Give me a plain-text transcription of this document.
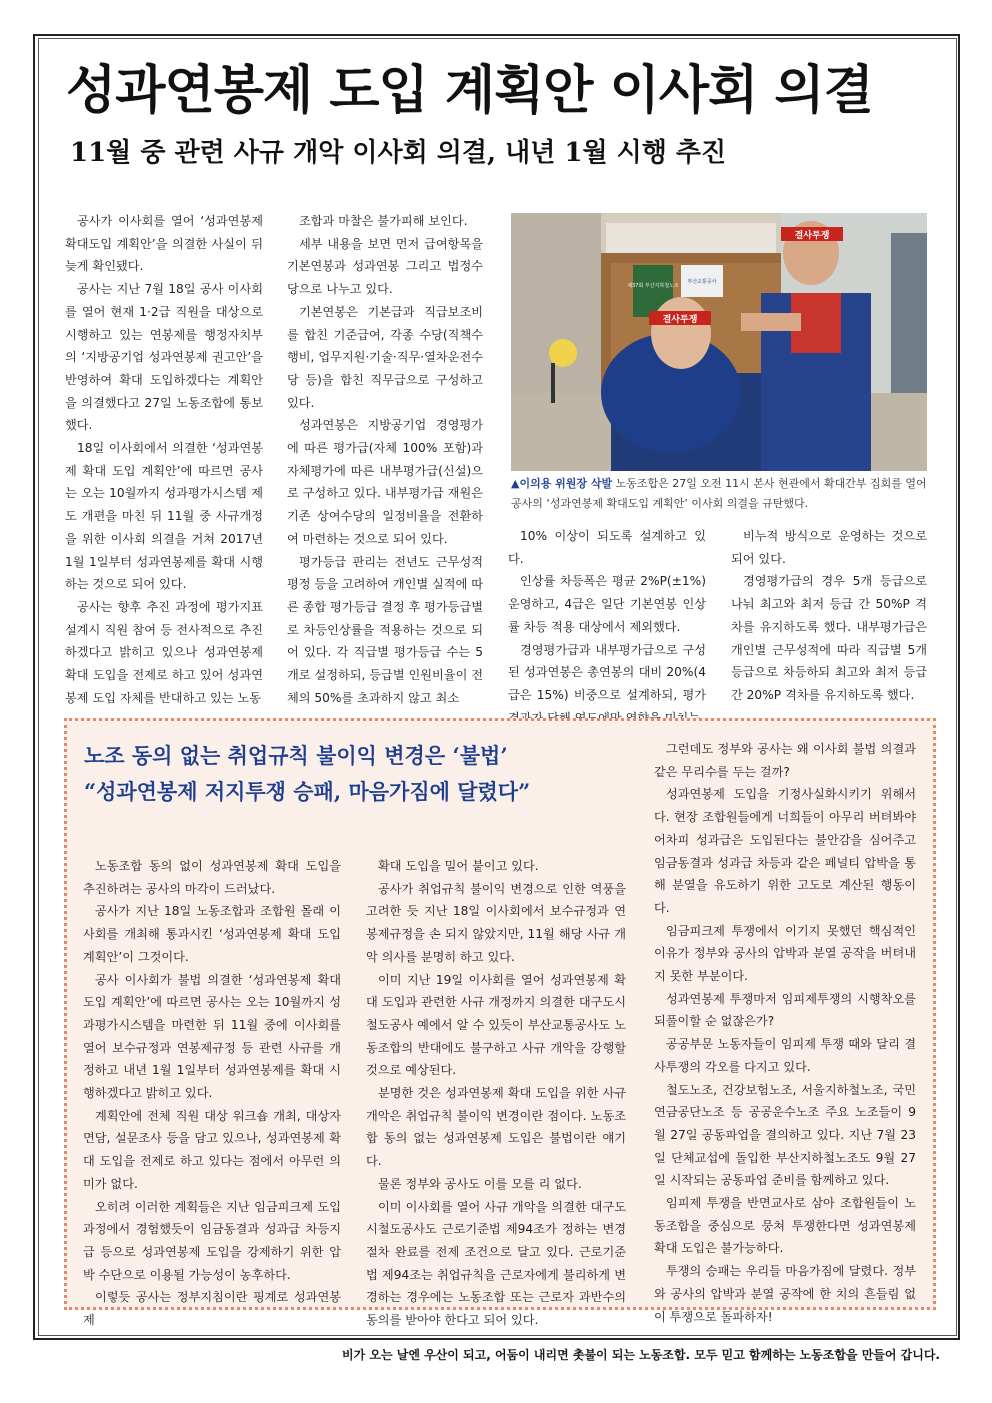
성과연봉제 도입 계획안 이사회 의결
11월 중 관련 사규 개악 이사회 의결, 내년 1월 시행 추진

공사가 이사회를 열어 ‘성과연봉제 확대도입 계획안’을 의결한 사실이 뒤늦게 확인됐다.

공사는 지난 7월 18일 공사 이사회를 열어 현재 1·2급 직원을 대상으로 시행하고 있는 연봉제를 행정자치부의 ‘지방공기업 성과연봉제 권고안’을 반영하여 확대 도입하겠다는 계획안을 의결했다고 27일 노동조합에 통보했다.

18일 이사회에서 의결한 ‘성과연봉제 확대 도입 계획안’에 따르면 공사는 오는 10월까지 성과평가시스템 제도 개편을 마친 뒤 11월 중 사규개정을 위한 이사회 의결을 거쳐 2017년 1월 1일부터 성과연봉제를 확대 시행하는 것으로 되어 있다.

공사는 향후 추진 과정에 평가지표 설계시 직원 참여 등 전사적으로 추진하겠다고 밝히고 있으나 성과연봉제 확대 도입을 전제로 하고 있어 성과연봉제 도입 자체를 반대하고 있는 노동

조합과 마찰은 불가피해 보인다.

세부 내용을 보면 먼저 급여항목을 기본연봉과 성과연봉 그리고 법정수당으로 나누고 있다.

기본연봉은 기본급과 직급보조비를 합친 기준급여, 각종 수당(직책수행비, 업무지원·기술·직무·열차운전수당 등)을 합친 직무급으로 구성하고 있다.

성과연봉은 지방공기업 경영평가에 따른 평가급(자체 100% 포함)과 자체평가에 따른 내부평가급(신설)으로 구성하고 있다. 내부평가급 재원은 기존 상여수당의 일정비율을 전환하여 마련하는 것으로 되어 있다.

평가등급 판리는 전년도 근무성적평정 등을 고려하여 개인별 실적에 따른 종합 평가등급 결정 후 평가등급별로 차등인상률을 적용하는 것으로 되어 있다. 각 직급별 평가등급 수는 5개로 설정하되, 등급별 인원비율이 전체의 50%를 초과하지 않고 최소

10% 이상이 되도록 설계하고 있다.

인상률 차등폭은 평균 2%P(±1%) 운영하고, 4급은 일단 기본연봉 인상률 차등 적용 대상에서 제외했다.

경영평가급과 내부평가급으로 구성된 성과연봉은 총연봉의 대비 20%(4급은 15%) 비중으로 설계하되, 평가

비누적 방식으로 운영하는 것으로 되어 있다.

경영평가급의 경우 5개 등급으로 나눠 최고와 최저 등급 간 50%P 격차를 유지하도록 했다. 내부평가급은 개인별 근무성적에 따라 직급별 5개 등급으로 차등하되 최고와 최저 등급 간 20%P 격차를 유지하도록 했다.

제37회 부산지하철노조
부산교통공사
결사투쟁
결사투쟁
▲이의용 위원장 삭발 노동조합은 27일 오전 11시 본사 현관에서 확대간부 집회를 열어 공사의 ‘성과연봉제 확대도입 계획안’ 이사회 의결을 규탄했다.
노조 동의 없는 취업규칙 불이익 변경은 ‘불법’
“성과연봉제 저지투쟁 승패, 마음가짐에 달렸다”

노동조합 동의 없이 성과연봉제 확대 도입을 추진하려는 공사의 마각이 드러났다.

공사가 지난 18일 노동조합과 조합원 몰래 이사회를 개최해 통과시킨 ‘성과연봉제 확대 도입 계획안’이 그것이다.

공사 이사회가 불법 의결한 ‘성과연봉제 확대 도입 계획안’에 따르면 공사는 오는 10월까지 성과평가시스템을 마련한 뒤 11월 중에 이사회를 열어 보수규정과 연봉제규정 등 관련 사규를 개정하고 내년 1월 1일부터 성과연봉제를 확대 시행하겠다고 밝히고 있다.

계획안에 전체 직원 대상 워크숍 개최, 대상자 면담, 설문조사 등을 담고 있으나, 성과연봉제 확대 도입을 전제로 하고 있다는 점에서 아무런 의미가 없다.

오히려 이러한 계획들은 지난 임금피크제 도입 과정에서 경험했듯이 임금동결과 성과급 차등지급 등으로 성과연봉제 도입을 강제하기 위한 압박 수단으로 이용될 가능성이 농후하다.

이렇듯 공사는 정부지침이란 핑계로 성과연봉제

확대 도입을 밀어 붙이고 있다.

공사가 취업규칙 불이익 변경으로 인한 역풍을 고려한 듯 지난 18일 이사회에서 보수규정과 연봉제규정을 손 되지 않았지만, 11월 해당 사규 개악 의사를 분명히 하고 있다.

이미 지난 19일 이사회를 열어 성과연봉제 확대 도입과 관련한 사규 개정까지 의결한 대구도시철도공사 예에서 알 수 있듯이 부산교통공사도 노동조합의 반대에도 불구하고 사규 개악을 강행할 것으로 예상된다.

분명한 것은 성과연봉제 확대 도입을 위한 사규 개악은 취업규칙 불이익 변경이란 점이다. 노동조합 동의 없는 성과연봉제 도입은 불법이란 얘기다.

물론 정부와 공사도 이를 모를 리 없다.

이미 이사회를 열어 사규 개악을 의결한 대구도시철도공사도 근로기준법 제94조가 정하는 변경 절차 완료를 전제 조건으로 달고 있다. 근로기준법 제94조는 취업규칙을 근로자에게 불리하게 변경하는 경우에는 노동조합 또는 근로자 과반수의 동의를 받아야 한다고 되어 있다.

그런데도 정부와 공사는 왜 이사회 불법 의결과 같은 무리수를 두는 걸까?

성과연봉제 도입을 기정사실화시키기 위해서다. 현장 조합원들에게 너희들이 아무리 버텨봐야 어차피 성과급은 도입된다는 불안감을 심어주고 임금동결과 성과급 차등과 같은 페널티 압박을 통해 분열을 유도하기 위한 고도로 계산된 행동이다.

임금피크제 투쟁에서 이기지 못했던 핵심적인 이유가 정부와 공사의 압박과 분열 공작을 버텨내지 못한 부분이다.

성과연봉제 투쟁마저 임피제투쟁의 시행착오를 되풀이할 순 없잖은가?

공공부문 노동자들이 임피제 투쟁 때와 달리 결사투쟁의 각오를 다지고 있다.

철도노조, 건강보험노조, 서울지하철노조, 국민연금공단노조 등 공공운수노조 주요 노조들이 9월 27일 공동파업을 결의하고 있다. 지난 7월 23일 단체교섭에 돌입한 부산지하철노조도 9월 27일 시작되는 공동파업 준비를 함께하고 있다.

임피제 투쟁을 반면교사로 삼아 조합원들이 노동조합을 중심으로 뭉쳐 투쟁한다면 성과연봉제 확대 도입은 불가능하다.

투쟁의 승패는 우리들 마음가짐에 달렸다. 정부와 공사의 압박과 분열 공작에 한 치의 흔들림 없이 투쟁으로 돌파하자!

비가 오는 날엔 우산이 되고, 어둠이 내리면 촛불이 되는 노동조합. 모두 믿고 함께하는 노동조합을 만들어 갑니다.
